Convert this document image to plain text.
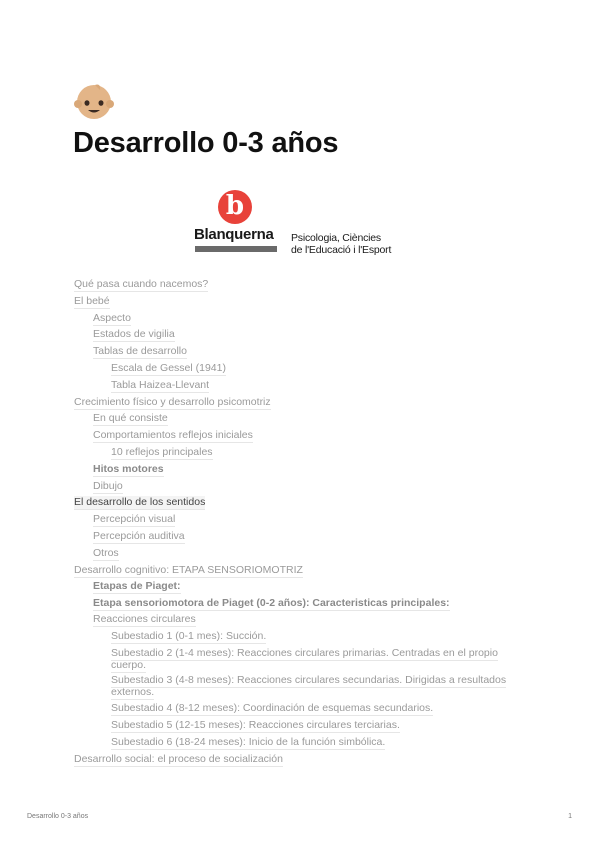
Desarrollo 0-3 años
b
Blanquerna Psicologia, Ciències
de l'Educació i l'Esport
Qué pasa cuando nacemos?
El bebé
Aspecto
Estados de vigilia
Tablas de desarrollo
Escala de Gessel (1941)
Tabla Haizea-Llevant
Crecimiento físico y desarrollo psicomotriz
En qué consiste
Comportamientos reflejos iniciales
10 reflejos principales
Hitos motores
Dibujo
El desarrollo de los sentidos
Percepción visual
Percepción auditiva
Otros
Desarrollo cognitivo: ETAPA SENSORIOMOTRIZ
Etapas de Piaget:
Etapa sensoriomotora de Piaget (0-2 años): Caracteristicas principales:
Reacciones circulares
Subestadio 1 (0-1 mes): Succión.
Subestadio 2 (1-4 meses): Reacciones circulares primarias. Centradas en el propio cuerpo.
Subestadio 3 (4-8 meses): Reacciones circulares secundarias. Dirigidas a resultados externos.
Subestadio 4 (8-12 meses): Coordinación de esquemas secundarios.
Subestadio 5 (12-15 meses): Reacciones circulares terciarias.
Subestadio 6 (18-24 meses): Inicio de la función simbólica.
Desarrollo social: el proceso de socialización
Desarrollo 0-3 años	1
